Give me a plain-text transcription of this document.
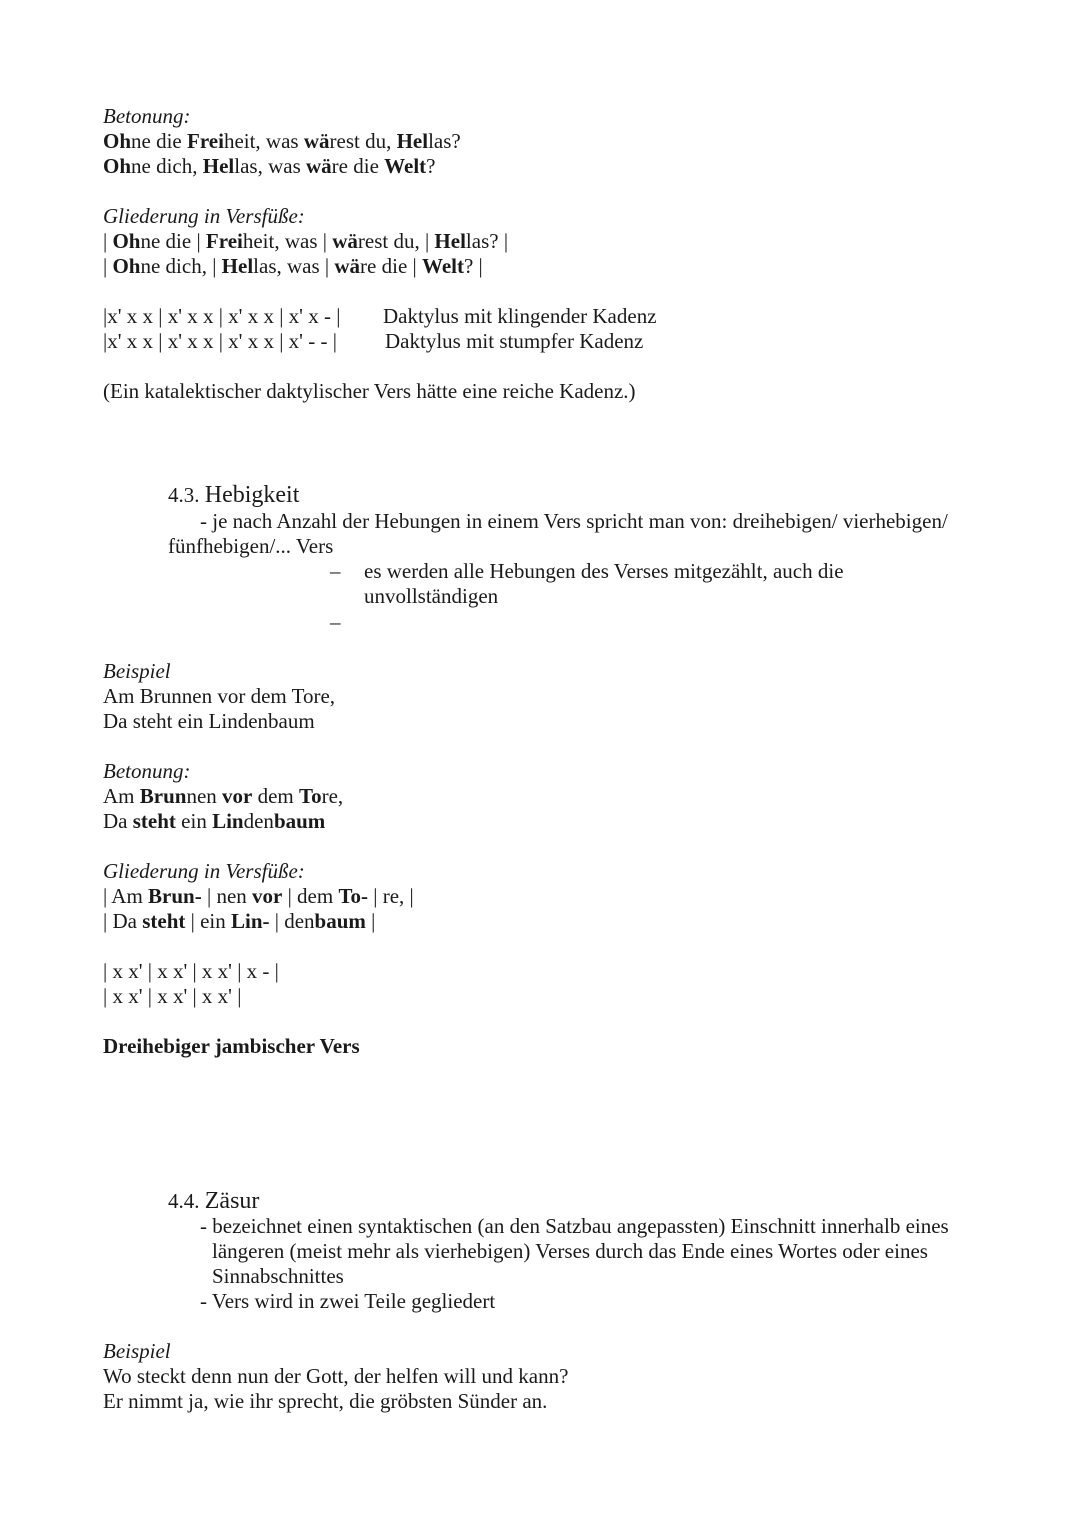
Betonung:
Ohne die Freiheit, was wärest du, Hellas?
Ohne dich, Hellas, was wäre die Welt?
Gliederung in Versfüße:
| Ohne die | Freiheit, was | wärest du, | Hellas? |
| Ohne dich, | Hellas, was | wäre die | Welt? |
|x' x x | x' x x | x' x x | x' x - | Daktylus mit klingender Kadenz
|x' x x | x' x x | x' x x | x' - - | Daktylus mit stumpfer Kadenz
(Ein katalektischer daktylischer Vers hätte eine reiche Kadenz.)
4.3. Hebigkeit
- je nach Anzahl der Hebungen in einem Vers spricht man von: dreihebigen/ vierhebigen/
fünfhebigen/... Vers
– es werden alle Hebungen des Verses mitgezählt, auch die
unvollständigen
–
Beispiel
Am Brunnen vor dem Tore,
Da steht ein Lindenbaum
Betonung:
Am Brunnen vor dem Tore,
Da steht ein Lindenbaum
Gliederung in Versfüße:
| Am Brun- | nen vor | dem To- | re, |
| Da steht | ein Lin- | denbaum |
| x x' | x x' | x x' | x - |
| x x' | x x' | x x' |
Dreihebiger jambischer Vers
4.4. Zäsur
- bezeichnet einen syntaktischen (an den Satzbau angepassten) Einschnitt innerhalb eines
längeren (meist mehr als vierhebigen) Verses durch das Ende eines Wortes oder eines
Sinnabschnittes
- Vers wird in zwei Teile gegliedert
Beispiel
Wo steckt denn nun der Gott, der helfen will und kann?
Er nimmt ja, wie ihr sprecht, die gröbsten Sünder an.
